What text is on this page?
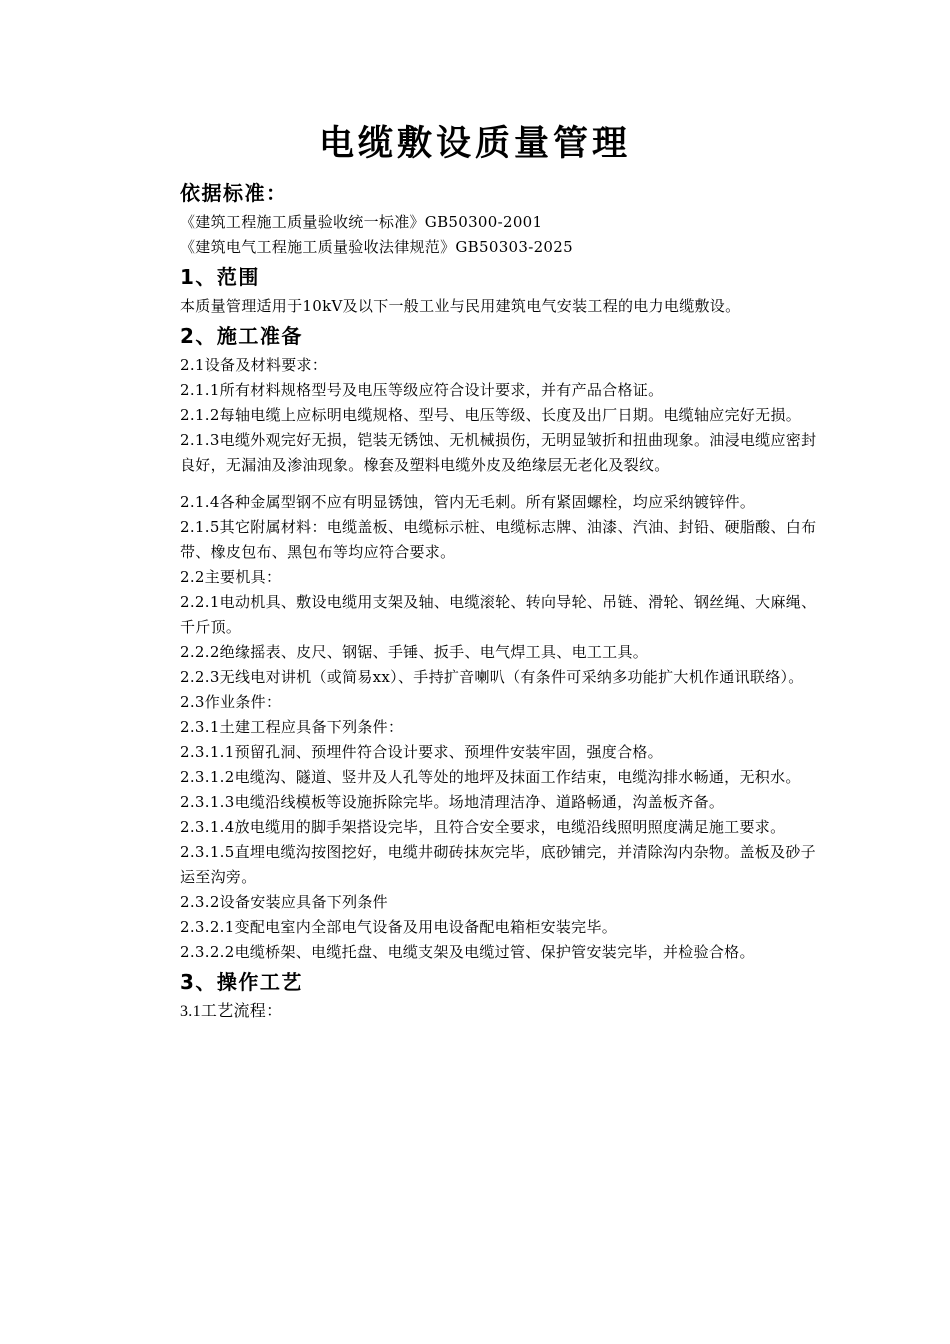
电缆敷设质量管理
依据标准：
《建筑工程施工质量验收统一标准》GB50300-2001
《建筑电气工程施工质量验收法律规范》GB50303-2025
1、范围
本质量管理适用于10kV及以下一般工业与民用建筑电气安装工程的电力电缆敷设。
2、施工准备
2.1设备及材料要求：
2.1.1所有材料规格型号及电压等级应符合设计要求，并有产品合格证。
2.1.2每轴电缆上应标明电缆规格、型号、电压等级、长度及出厂日期。电缆轴应完好无损。
2.1.3电缆外观完好无损，铠装无锈蚀、无机械损伤，无明显皱折和扭曲现象。油浸电缆应密封良好，无漏油及渗油现象。橡套及塑料电缆外皮及绝缘层无老化及裂纹。
2.1.4各种金属型钢不应有明显锈蚀，管内无毛刺。所有紧固螺栓，均应采纳镀锌件。
2.1.5其它附属材料：电缆盖板、电缆标示桩、电缆标志牌、油漆、汽油、封铅、硬脂酸、白布带、橡皮包布、黑包布等均应符合要求。
2.2主要机具：
2.2.1电动机具、敷设电缆用支架及轴、电缆滚轮、转向导轮、吊链、滑轮、钢丝绳、大麻绳、千斤顶。
2.2.2绝缘摇表、皮尺、钢锯、手锤、扳手、电气焊工具、电工工具。
2.2.3无线电对讲机（或简易xx）、手持扩音喇叭（有条件可采纳多功能扩大机作通讯联络）。
2.3作业条件：
2.3.1土建工程应具备下列条件：
2.3.1.1预留孔洞、预埋件符合设计要求、预埋件安装牢固，强度合格。
2.3.1.2电缆沟、隧道、竖井及人孔等处的地坪及抹面工作结束，电缆沟排水畅通，无积水。
2.3.1.3电缆沿线模板等设施拆除完毕。场地清理洁净、道路畅通，沟盖板齐备。
2.3.1.4放电缆用的脚手架搭设完毕，且符合安全要求，电缆沿线照明照度满足施工要求。
2.3.1.5直埋电缆沟按图挖好，电缆井砌砖抹灰完毕，底砂铺完，并清除沟内杂物。盖板及砂子运至沟旁。
2.3.2设备安装应具备下列条件
2.3.2.1变配电室内全部电气设备及用电设备配电箱柜安装完毕。
2.3.2.2电缆桥架、电缆托盘、电缆支架及电缆过管、保护管安装完毕，并检验合格。
3、操作工艺
3.1工艺流程：
